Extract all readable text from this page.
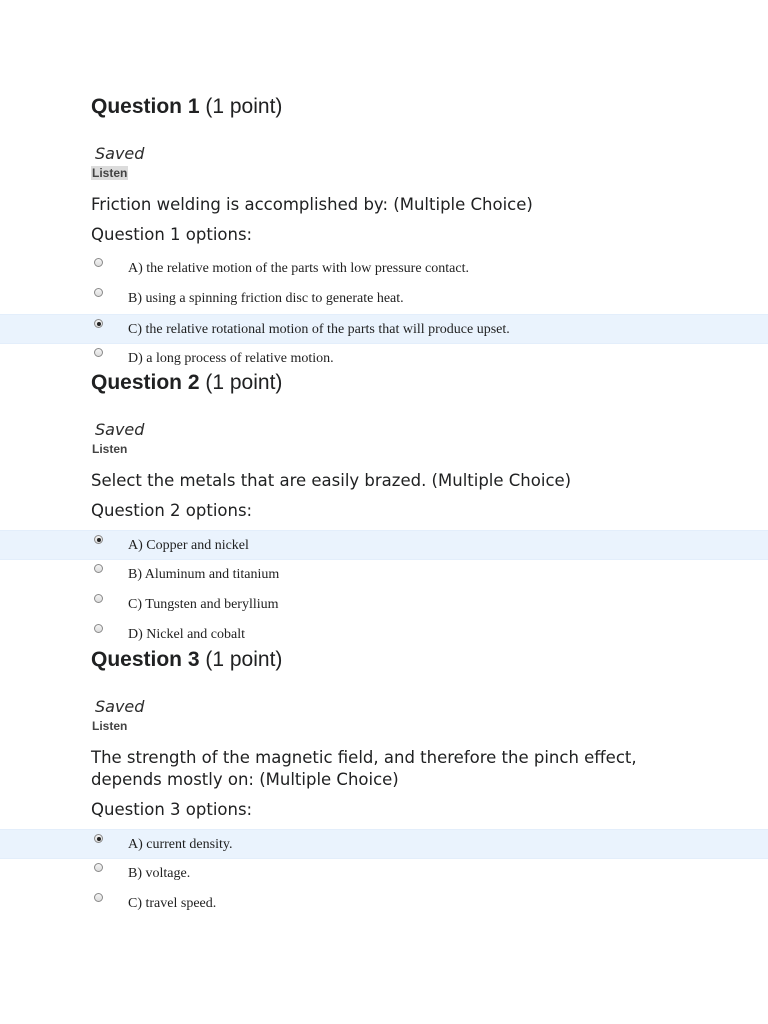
Question 1 (1 point)
Saved
Listen
Friction welding is accomplished by: (Multiple Choice)
Question 1 options:
A) the relative motion of the parts with low pressure contact.
B) using a spinning friction disc to generate heat.
C) the relative rotational motion of the parts that will produce upset.
D) a long process of relative motion.
Question 2 (1 point)
Saved
Listen
Select the metals that are easily brazed. (Multiple Choice)
Question 2 options:
A) Copper and nickel
B) Aluminum and titanium
C) Tungsten and beryllium
D) Nickel and cobalt
Question 3 (1 point)
Saved
Listen
The strength of the magnetic field, and therefore the pinch effect, depends mostly on: (Multiple Choice)
Question 3 options:
A) current density.
B) voltage.
C) travel speed.
